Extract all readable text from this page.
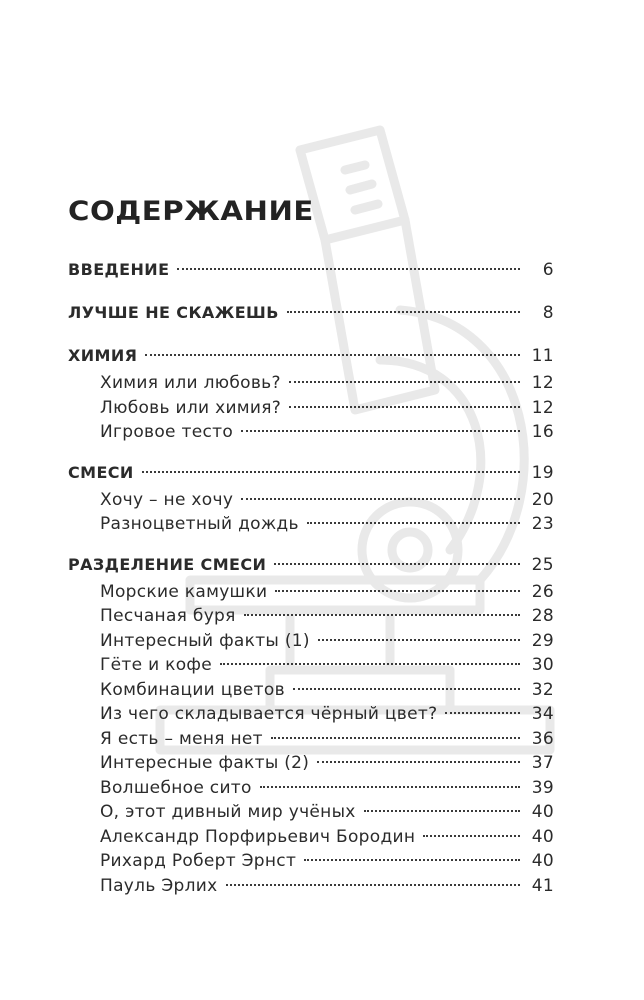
СОДЕРЖАНИЕ
ВВЕДЕНИЕ	6
ЛУЧШЕ НЕ СКАЖЕШЬ	8
ХИМИЯ	11
Химия или любовь?	12
Любовь или химия?	12
Игровое тесто	16
СМЕСИ	19
Хочу – не хочу	20
Разноцветный дождь	23
РАЗДЕЛЕНИЕ СМЕСИ	25
Морские камушки	26
Песчаная буря	28
Интересный факты (1)	29
Гёте и кофе	30
Комбинации цветов	32
Из чего складывается чёрный цвет?	34
Я есть – меня нет	36
Интересные факты (2)	37
Волшебное сито	39
О, этот дивный мир учёных	40
Александр Порфирьевич Бородин	40
Рихард Роберт Эрнст	40
Пауль Эрлих	41
